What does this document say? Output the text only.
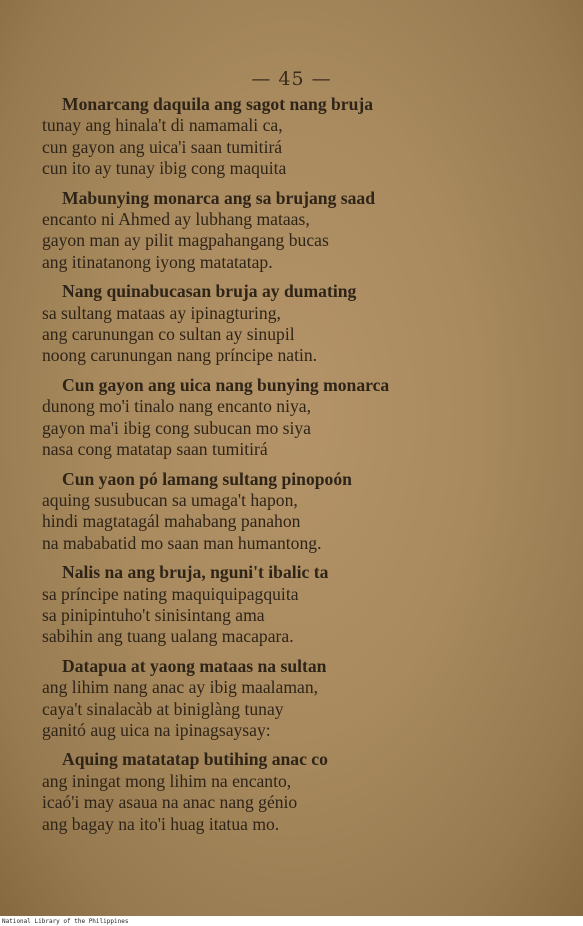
— 45 —
Monarcang daquila ang sagot nang bruja
tunay ang hinala't di namamali ca,
cun gayon ang uica'i saan tumitirá
cun ito ay tunay ibig cong maquita
Mabunying monarca ang sa brujang saad
encanto ni Ahmed ay lubhang mataas,
gayon man ay pilit magpahangang bucas
ang itinatanong iyong matatatap.
Nang quinabucasan bruja ay dumating
sa sultang mataas ay ipinagturing,
ang carunungan co sultan ay sinupil
noong carunungan nang príncipe natin.
Cun gayon ang uica nang bunying monarca
dunong mo'i tinalo nang encanto niya,
gayon ma'i ibig cong subucan mo siya
nasa cong matatap saan tumitirá
Cun yaon pó lamang sultang pinopoón
aquing susubucan sa umaga't hapon,
hindi magtatagál mahabang panahon
na mababatid mo saan man humantong.
Nalis na ang bruja, nguni't ibalic ta
sa príncipe nating maquiquipagquita
sa pinipintuho't sinisintang ama
sabihin ang tuang ualang macapara.
Datapua at yaong mataas na sultan
ang lihim nang anac ay ibig maalaman,
caya't sinalacàb at biniglàng tunay
ganitó aug uica na ipinagsaysay:
Aquing matatatap butihing anac co
ang iningat mong lihim na encanto,
icaó'i may asaua na anac nang génio
ang bagay na ito'i huag itatua mo.
National Library of the Philippines
